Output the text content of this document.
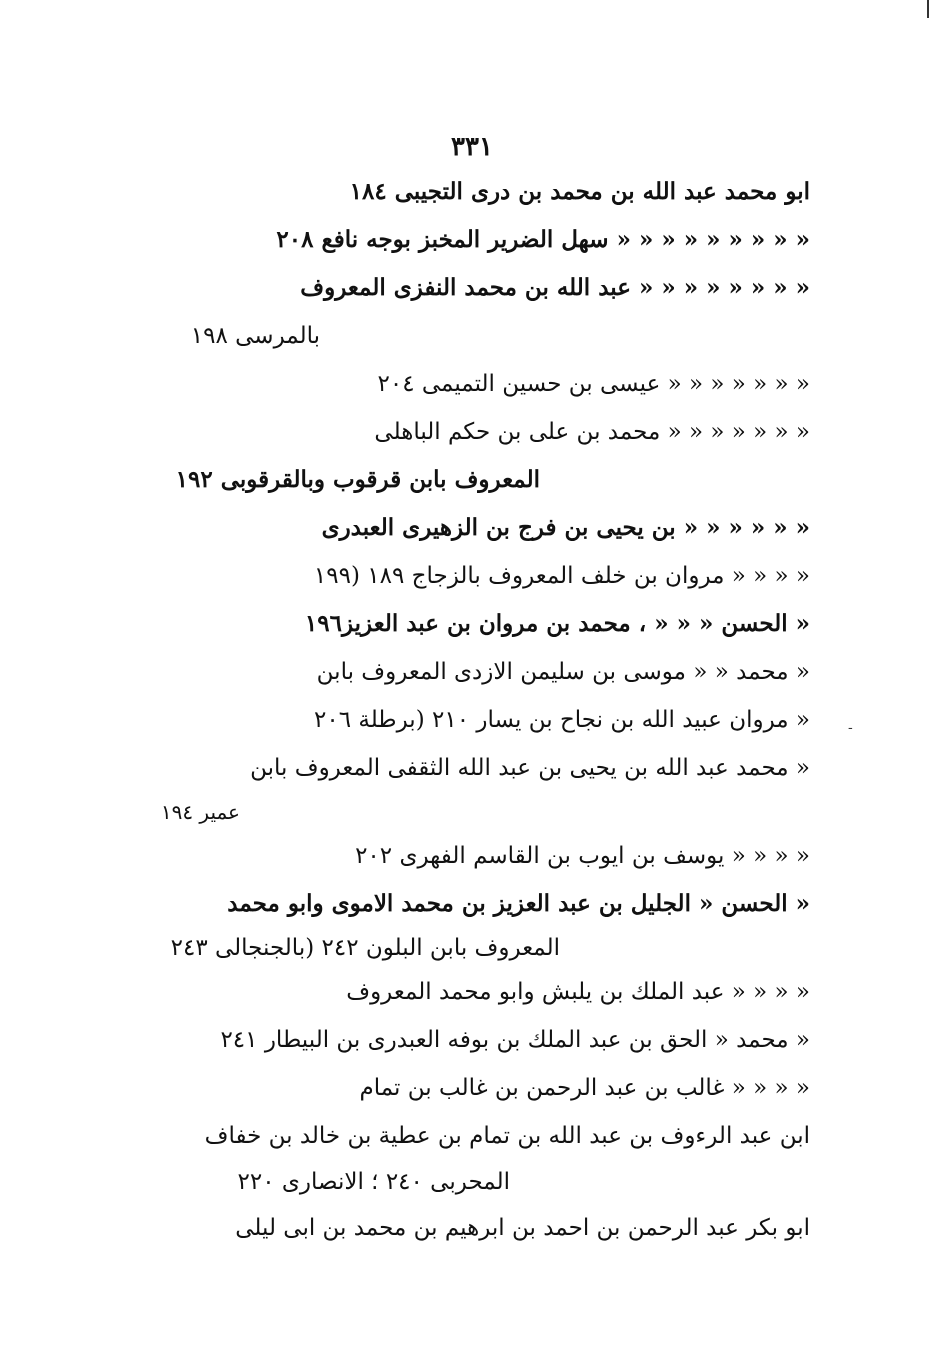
٣٣١
ابو محمد عبد الله بن محمد بن درى التجيبى ١٨٤
« « « « « « « « « سهل الضرير المخبز بوجه نافع ٢٠٨
« « « « « « « « عبد الله بن محمد النفزى المعروف
بالمرسى ١٩٨
« « « « « « « عيسى بن حسين التميمى ٢٠٤
« « « « « « « محمد بن على بن حكم الباهلى
المعروف بابن قرقوب وبالقرقوبى ١٩٢
« « « « « « بن يحيى بن فرج بن الزهيرى العبدرى
« « « « مروان بن خلف المعروف بالزجاج ١٨٩ (١٩٩
« الحسن « « « ، محمد بن مروان بن عبد العزيز١٩٦
« محمد « « موسى بن سليمن الازدى المعروف بابن
« مروان عبيد الله بن نجاح بن يسار ٢١٠ (برطلة ٢٠٦
« محمد عبد الله بن يحيى بن عبد الله الثقفى المعروف بابن
عمير ١٩٤
« « « « يوسف بن ايوب بن القاسم الفهرى ٢٠٢
« الحسن « الجليل بن عبد العزيز بن محمد الاموى وابو محمد
المعروف بابن البلون ٢٤٢ (بالجنجالى ٢٤٣
« « « « عبد الملك بن يلبش وابو محمد المعروف
« محمد « الحق بن عبد الملك بن بوفه العبدرى بن البيطار ٢٤١
« « « « غالب بن عبد الرحمن بن غالب بن تمام
ابن عبد الرءوف بن عبد الله بن تمام بن عطية بن خالد بن خفاف
المحربى ٢٤٠ ؛ الانصارى ٢٢٠
ابو بكر عبد الرحمن بن احمد بن ابرهيم بن محمد بن ابى ليلى
-
